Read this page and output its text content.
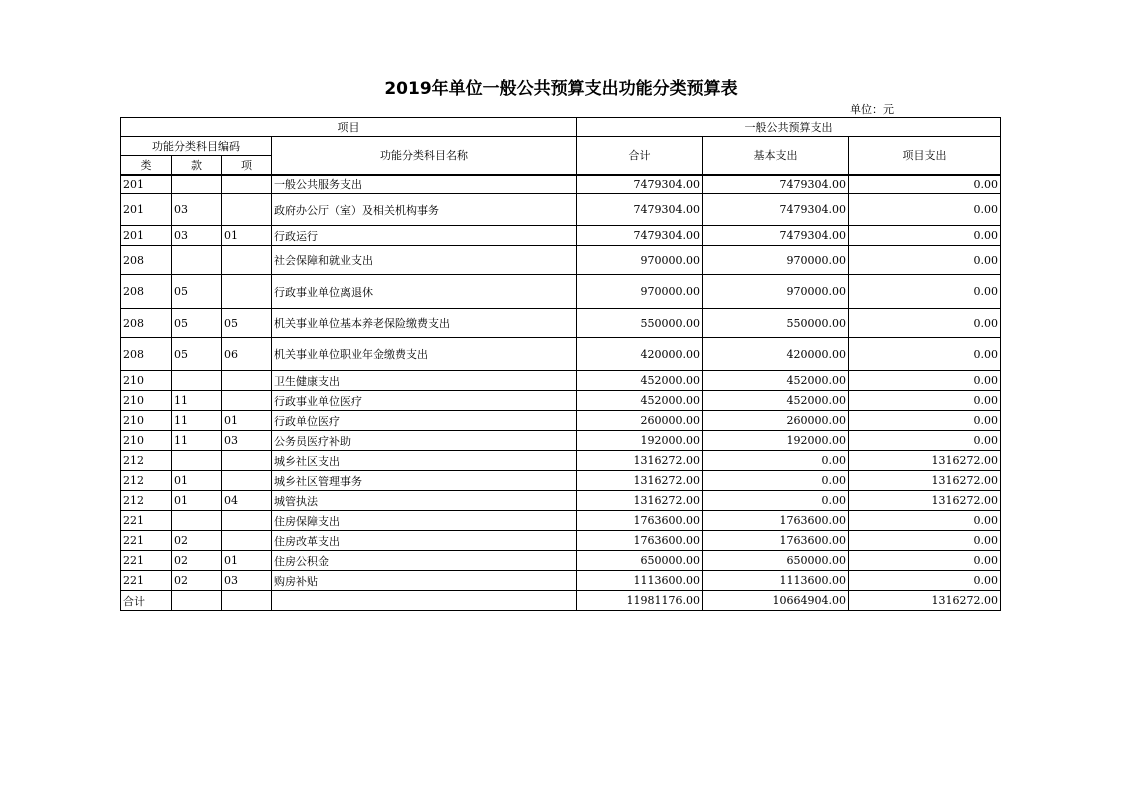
2019年单位一般公共预算支出功能分类预算表
单位：元
项目				一般公共预算支出		
功能分类科目编码			功能分类科目名称	合计	基本支出	项目支出
类	款	项				
201			一般公共服务支出	7479304.00	7479304.00	0.00
201	03		政府办公厅（室）及相关机构事务	7479304.00	7479304.00	0.00
201	03	01	行政运行	7479304.00	7479304.00	0.00
208			社会保障和就业支出	970000.00	970000.00	0.00
208	05		行政事业单位离退休	970000.00	970000.00	0.00
208	05	05	机关事业单位基本养老保险缴费支出	550000.00	550000.00	0.00
208	05	06	机关事业单位职业年金缴费支出	420000.00	420000.00	0.00
210			卫生健康支出	452000.00	452000.00	0.00
210	11		行政事业单位医疗	452000.00	452000.00	0.00
210	11	01	行政单位医疗	260000.00	260000.00	0.00
210	11	03	公务员医疗补助	192000.00	192000.00	0.00
212			城乡社区支出	1316272.00	0.00	1316272.00
212	01		城乡社区管理事务	1316272.00	0.00	1316272.00
212	01	04	城管执法	1316272.00	0.00	1316272.00
221			住房保障支出	1763600.00	1763600.00	0.00
221	02		住房改革支出	1763600.00	1763600.00	0.00
221	02	01	住房公积金	650000.00	650000.00	0.00
221	02	03	购房补贴	1113600.00	1113600.00	0.00
合计				11981176.00	10664904.00	1316272.00
